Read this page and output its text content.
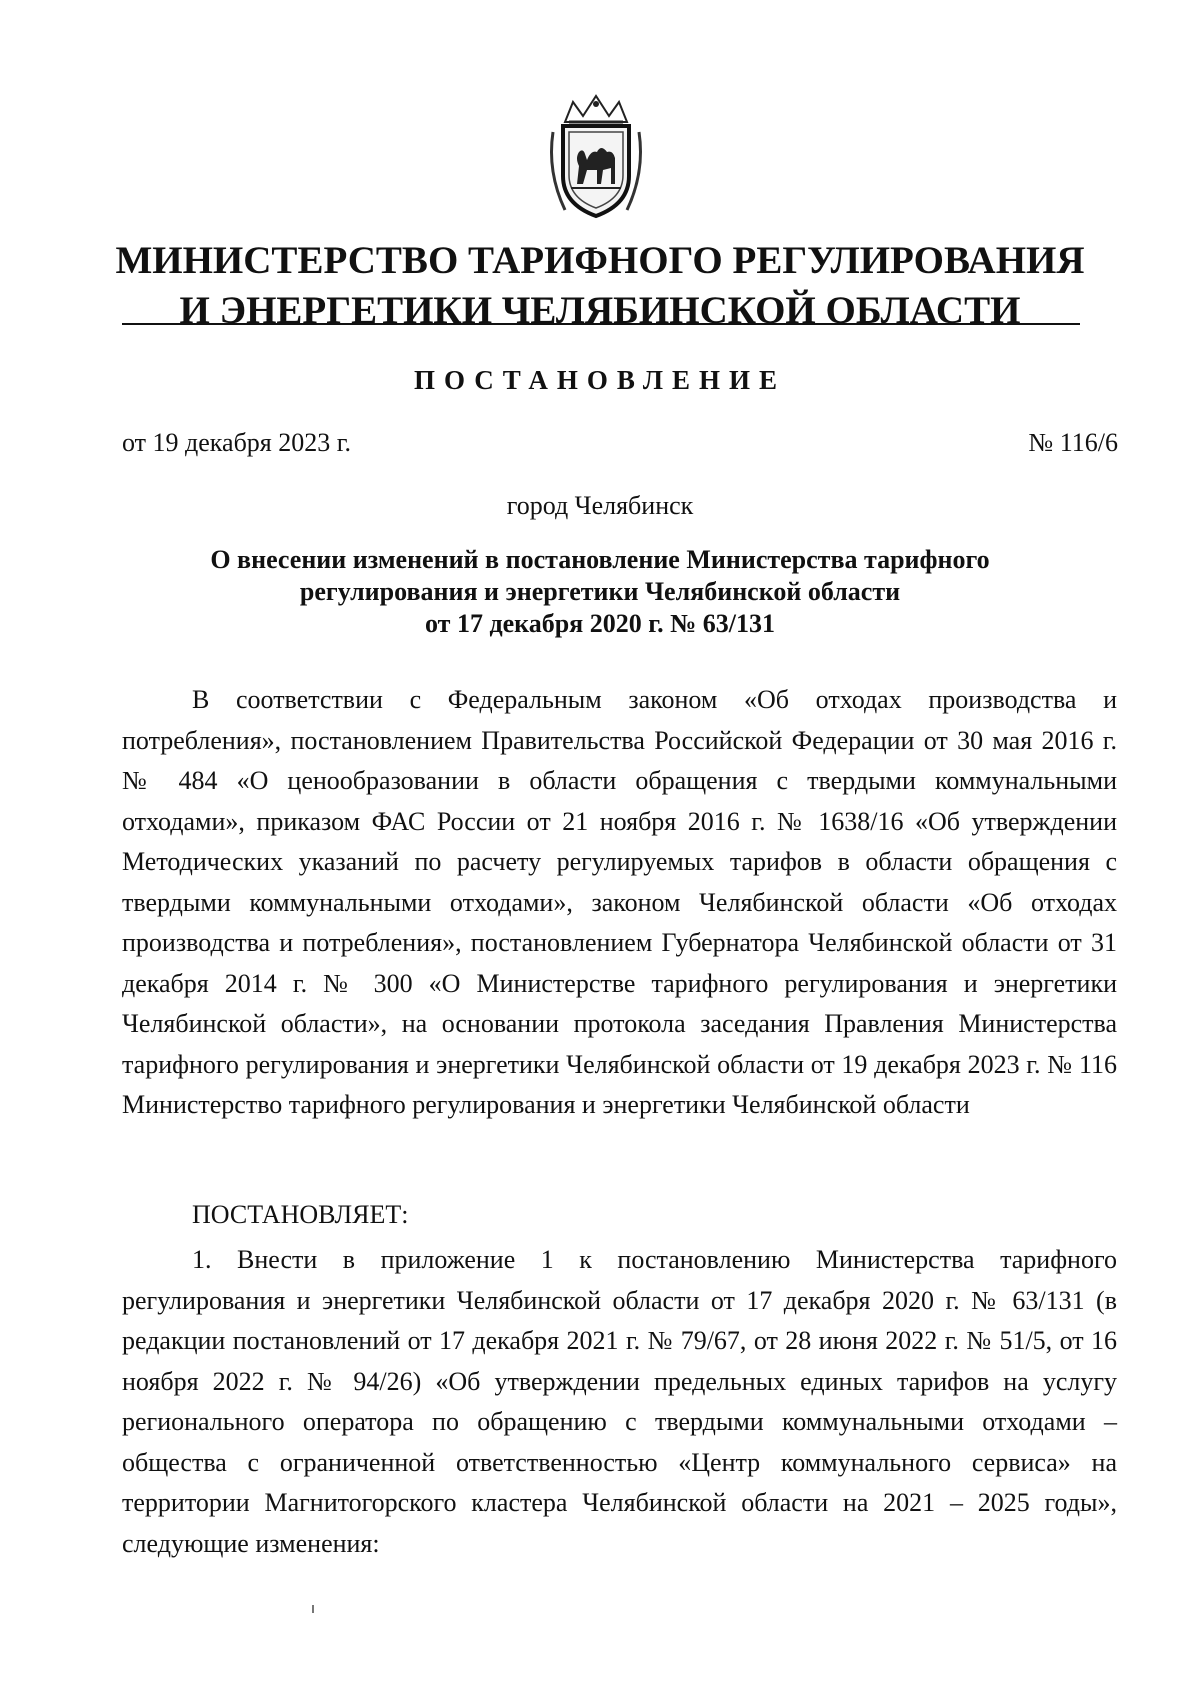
МИНИСТЕРСТВО ТАРИФНОГО РЕГУЛИРОВАНИЯ
И ЭНЕРГЕТИКИ ЧЕЛЯБИНСКОЙ ОБЛАСТИ
ПОСТАНОВЛЕНИЕ
от 19 декабря 2023 г.	№ 116/6
город Челябинск
О внесении изменений в постановление Министерства тарифного
регулирования и энергетики Челябинской области
от 17 декабря 2020 г. № 63/131

В соответствии с Федеральным законом «Об отходах производства и потребления», постановлением Правительства Российской Федерации от 30 мая 2016 г. № 484 «О ценообразовании в области обращения с твердыми коммунальными отходами», приказом ФАС России от 21 ноября 2016 г. № 1638/16 «Об утверждении Методических указаний по расчету регулируемых тарифов в области обращения с твердыми коммунальными отходами», законом Челябинской области «Об отходах производства и потребления», постановлением Губернатора Челябинской области от 31 декабря 2014 г. № 300 «О Министерстве тарифного регулирования и энергетики Челябинской области», на основании протокола заседания Правления Министерства тарифного регулирования и энергетики Челябинской области от 19 декабря 2023 г. № 116 Министерство тарифного регулирования и энергетики Челябинской области

ПОСТАНОВЛЯЕТ:

1. Внести в приложение 1 к постановлению Министерства тарифного регулирования и энергетики Челябинской области от 17 декабря 2020 г. № 63/131 (в редакции постановлений от 17 декабря 2021 г. № 79/67, от 28 июня 2022 г. № 51/5, от 16 ноября 2022 г. № 94/26) «Об утверждении предельных единых тарифов на услугу регионального оператора по обращению с твердыми коммунальными отходами – общества с ограниченной ответственностью «Центр коммунального сервиса» на территории Магнитогорского кластера Челябинской области на 2021 – 2025 годы», следующие изменения:
